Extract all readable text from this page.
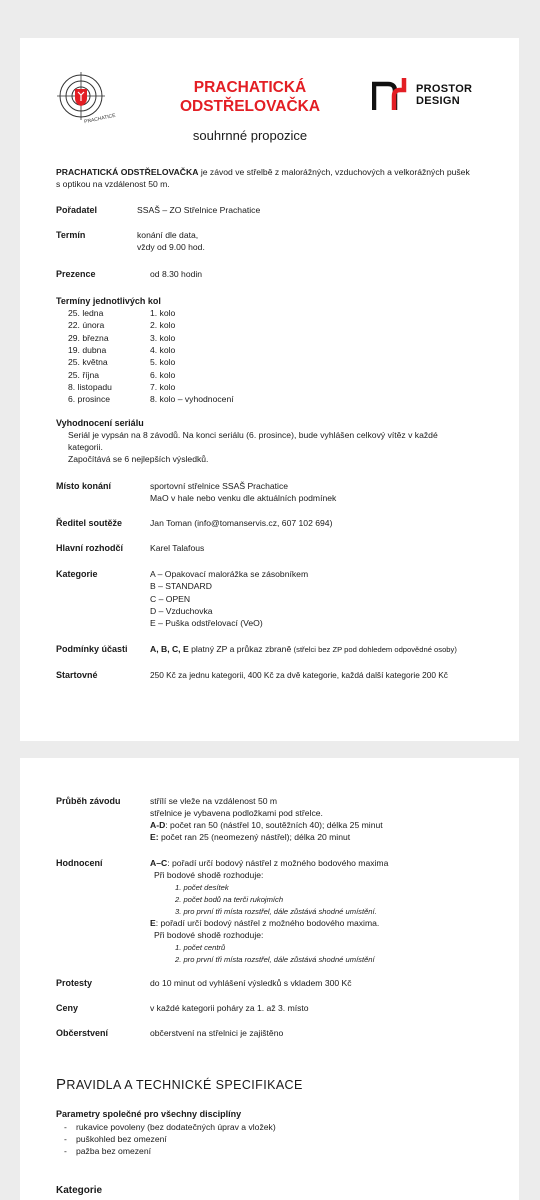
PRACHATICE
PRACHATICKÁ
ODSTŘELOVAČKA
souhrnné propozice
PROSTOR
DESIGN
PRACHATICKÁ ODSTŘELOVAČKA je závod ve střelbě z malorážných, vzduchových a velkorážných pušek
s optikou na vzdálenost 50 m.
Pořadatel	SSAŠ – ZO Střelnice Prachatice
Termín	konání dle data,
vždy od 9.00 hod.
Prezence	od 8.30 hodin
Termíny jednotlivých kol
25. ledna	1. kolo
22. února	2. kolo
29. března	3. kolo
19. dubna	4. kolo
25. května	5. kolo
25. října	6. kolo
8. listopadu	7. kolo
6. prosince	8. kolo – vyhodnocení
Vyhodnocení seriálu
Seriál je vypsán na 8 závodů. Na konci seriálu (6. prosince), bude vyhlášen celkový vítěz v každé
kategorii.
Započítává se 6 nejlepších výsledků.
Místo konání	sportovní střelnice SSAŠ Prachatice
MaO v hale nebo venku dle aktuálních podmínek
Ředitel soutěže	Jan Toman (info@tomanservis.cz, 607 102 694)
Hlavní rozhodčí	Karel Talafous
Kategorie	A – Opakovací malorážka se zásobníkem
B – STANDARD
C – OPEN
D – Vzduchovka
E – Puška odstřelovací (VeO)
Podmínky účasti	A, B, C, E platný ZP a průkaz zbraně (střelci bez ZP pod dohledem odpovědné osoby)
Startovné	250 Kč za jednu kategorii, 400 Kč za dvě kategorie, každá další kategorie 200 Kč
Průběh závodu	střílí se vleže na vzdálenost 50 m
střelnice je vybavena podložkami pod střelce.
A-D: počet ran 50 (nástřel 10, soutěžních 40); délka 25 minut
E: počet ran 25 (neomezený nástřel); délka 20 minut
Hodnocení	A–C: pořadí určí bodový nástřel z možného bodového maxima
Při bodové shodě rozhoduje:
1. počet desítek
2. počet bodů na terči rukojmích
3. pro první tři místa rozstřel, dále zůstává shodné umístění.
E: pořadí určí bodový nástřel z možného bodového maxima.
Při bodové shodě rozhoduje:
1. počet centrů
2. pro první tři místa rozstřel, dále zůstává shodné umístění
Protesty	do 10 minut od vyhlášení výsledků s vkladem 300 Kč
Ceny	v každé kategorii poháry za 1. až 3. místo
Občerstvení	občerstvení na střelnici je zajištěno
PRAVIDLA A TECHNICKÉ SPECIFIKACE
Parametry společné pro všechny disciplíny
- rukavice povoleny (bez dodatečných úprav a vložek)
- puškohled bez omezení
- pažba bez omezení
Kategorie
